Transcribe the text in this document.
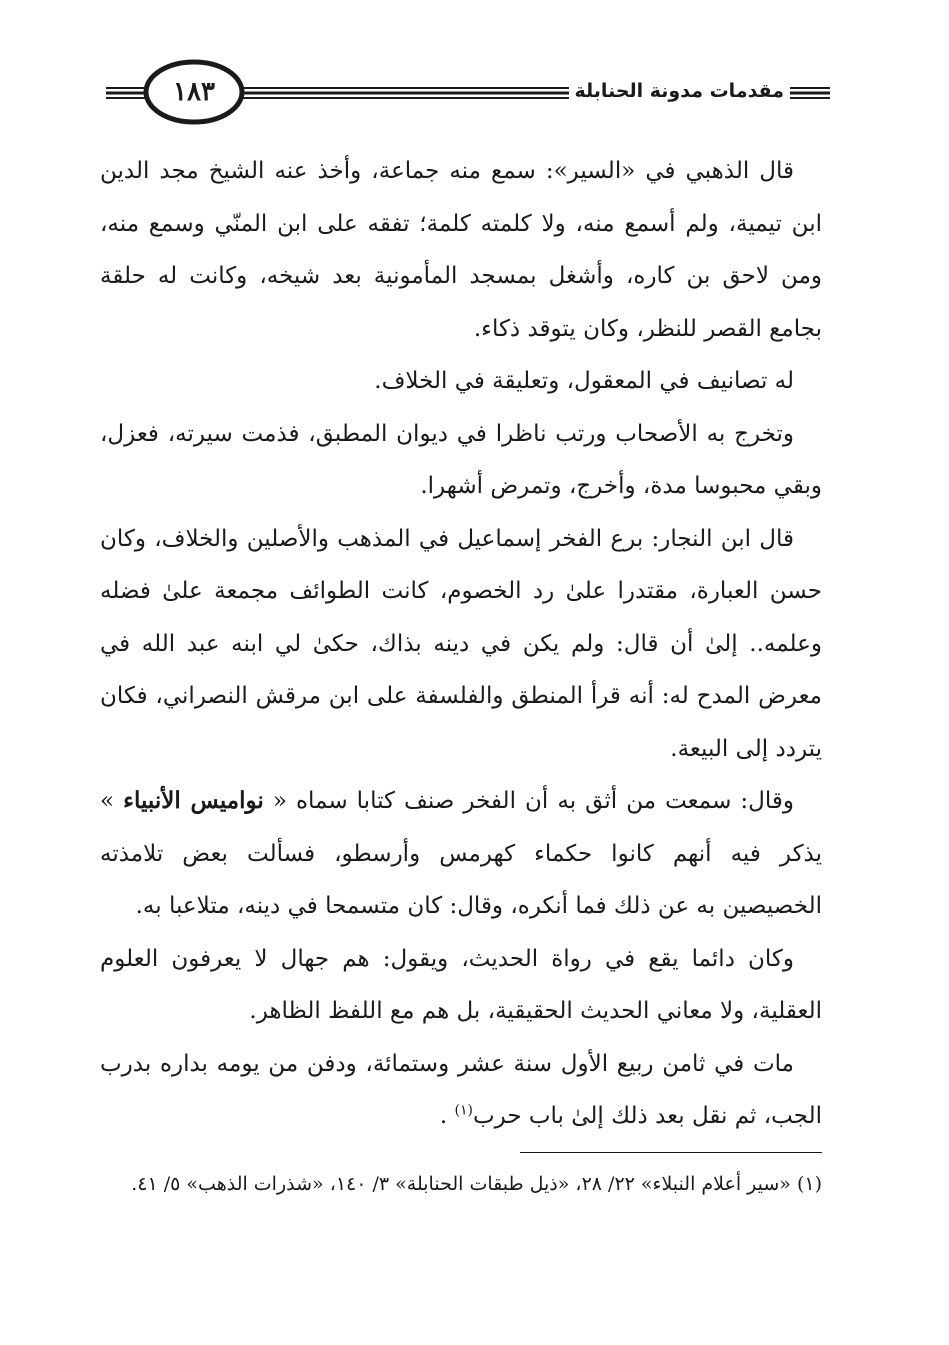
١٨٣	مقدمات مدونة الحنابلة

قال الذهبي في «السير»: سمع منه جماعة، وأخذ عنه الشيخ مجد الدين ابن تيمية، ولم أسمع منه، ولا كلمته كلمة؛ تفقه على ابن المنّي وسمع منه، ومن لاحق بن كاره، وأشغل بمسجد المأمونية بعد شيخه، وكانت له حلقة بجامع القصر للنظر، وكان يتوقد ذكاء.

له تصانيف في المعقول، وتعليقة في الخلاف.

وتخرج به الأصحاب ورتب ناظرا في ديوان المطبق، فذمت سيرته، فعزل، وبقي محبوسا مدة، وأخرج، وتمرض أشهرا.

قال ابن النجار: برع الفخر إسماعيل في المذهب والأصلين والخلاف، وكان حسن العبارة، مقتدرا علىٰ رد الخصوم، كانت الطوائف مجمعة علىٰ فضله وعلمه.. إلىٰ أن قال: ولم يكن في دينه بذاك، حكىٰ لي ابنه عبد الله في معرض المدح له: أنه قرأ المنطق والفلسفة على ابن مرقش النصراني، فكان يتردد إلى البيعة.

وقال: سمعت من أثق به أن الفخر صنف كتابا سماه « نواميس الأنبياء » يذكر فيه أنهم كانوا حكماء كهرمس وأرسطو، فسألت بعض تلامذته الخصيصين به عن ذلك فما أنكره، وقال: كان متسمحا في دينه، متلاعبا به.

وكان دائما يقع في رواة الحديث، ويقول: هم جهال لا يعرفون العلوم العقلية، ولا معاني الحديث الحقيقية، بل هم مع اللفظ الظاهر.

مات في ثامن ربيع الأول سنة عشر وستمائة، ودفن من يومه بداره بدرب الجب، ثم نقل بعد ذلك إلىٰ باب حرب$^{(١)}$ .

(١) «سير أعلام النبلاء» ٢٢/ ٢٨، «ذيل طبقات الحنابلة» ٣/ ١٤٠، «شذرات الذهب» ٥/ ٤١.
